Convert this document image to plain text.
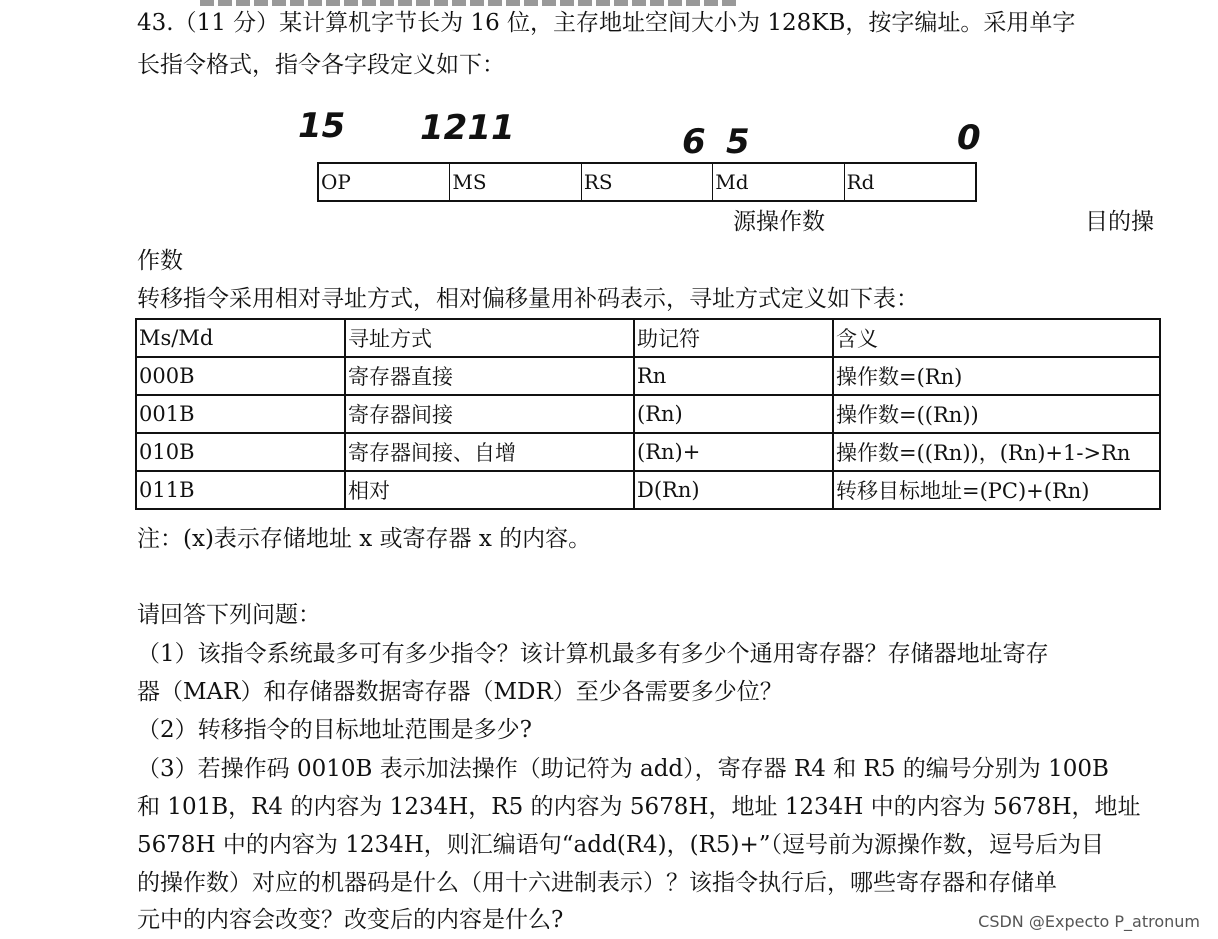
43.（11 分）某计算机字节长为 16 位，主存地址空间大小为 128KB，按字编址。采用单字
长指令格式，指令各字段定义如下：
15 1211	6 5	0
OP	MS	RS	Md	Rd
源操作数	目的操
作数
转移指令采用相对寻址方式，相对偏移量用补码表示，寻址方式定义如下表：
Ms/Md	寻址方式	助记符	含义
000B	寄存器直接	Rn	操作数=(Rn)
001B	寄存器间接	(Rn)	操作数=((Rn))
010B	寄存器间接、自增	(Rn)+	操作数=((Rn))，(Rn)+1->Rn
011B	相对	D(Rn)	转移目标地址=(PC)+(Rn)
注：(x)表示存储地址 x 或寄存器 x 的内容。
请回答下列问题：
（1）该指令系统最多可有多少指令？该计算机最多有多少个通用寄存器？存储器地址寄存
器（MAR）和存储器数据寄存器（MDR）至少各需要多少位？
（2）转移指令的目标地址范围是多少?
（3）若操作码 0010B 表示加法操作（助记符为 add），寄存器 R4 和 R5 的编号分别为 100B
和 101B，R4 的内容为 1234H，R5 的内容为 5678H，地址 1234H 中的内容为 5678H，地址
5678H 中的内容为 1234H，则汇编语句“add(R4)，(R5)+”（逗号前为源操作数，逗号后为目
的操作数）对应的机器码是什么（用十六进制表示）？该指令执行后，哪些寄存器和存储单
元中的内容会改变？改变后的内容是什么?	CSDN @Expecto P_atronum
